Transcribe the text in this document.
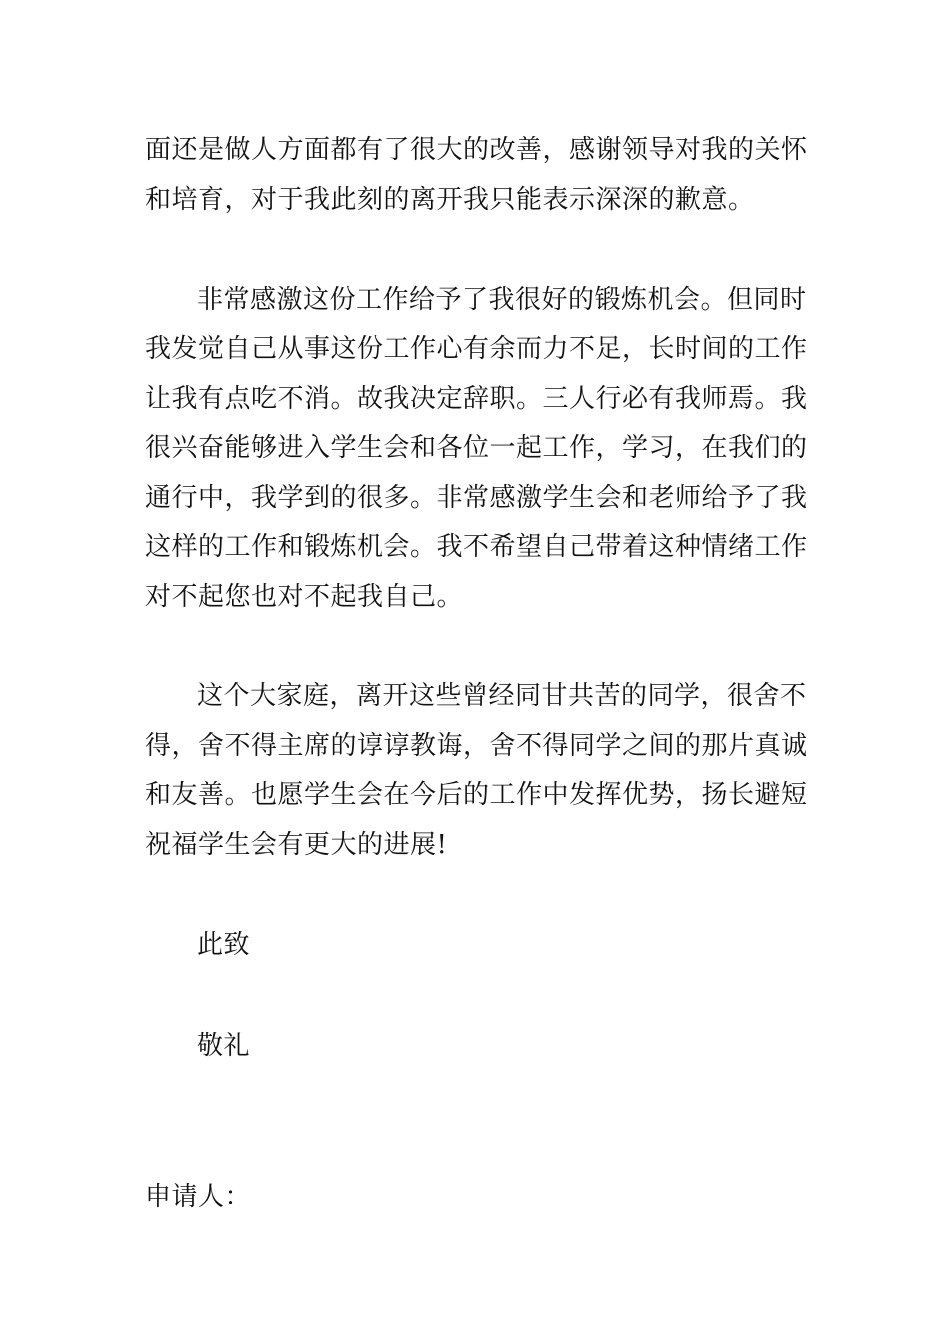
面还是做人方面都有了很大的改善，感谢领导对我的关怀
和培育，对于我此刻的离开我只能表示深深的歉意。
非常感激这份工作给予了我很好的锻炼机会。但同时
我发觉自己从事这份工作心有余而力不足，长时间的工作
让我有点吃不消。故我决定辞职。三人行必有我师焉。我
很兴奋能够进入学生会和各位一起工作，学习，在我们的
通行中，我学到的很多。非常感激学生会和老师给予了我
这样的工作和锻炼机会。我不希望自己带着这种情绪工作
对不起您也对不起我自己。
这个大家庭，离开这些曾经同甘共苦的同学，很舍不
得，舍不得主席的谆谆教诲，舍不得同学之间的那片真诚
和友善。也愿学生会在今后的工作中发挥优势，扬长避短
祝福学生会有更大的进展!
此致
敬礼
申请人：
